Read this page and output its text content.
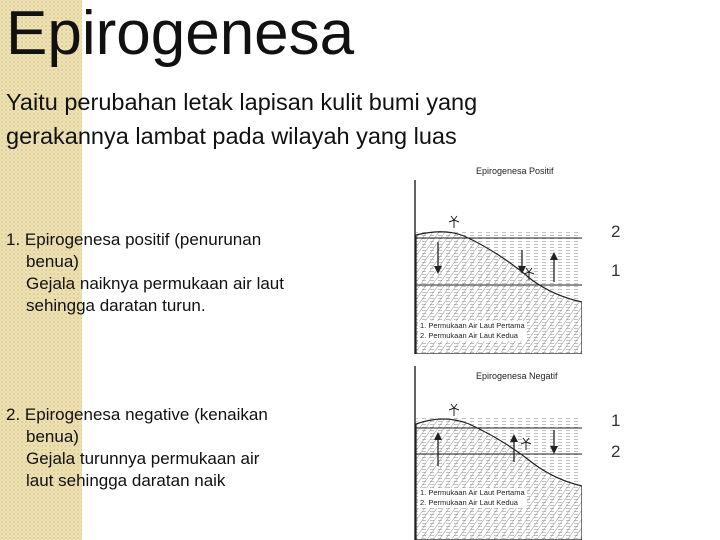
Epirogenesa
Yaitu perubahan letak lapisan kulit bumi yang gerakannya lambat pada wilayah yang luas
1. Epirogenesa positif (penurunan
benua)
Gejala naiknya permukaan air laut
sehingga daratan turun.
2. Epirogenesa negative (kenaikan
benua)
Gejala turunnya permukaan air
laut sehingga daratan naik
Epirogenesa Positif
2
1
1. Permukaan Air Laut Pertama
2. Permukaan Air Laut Kedua
Epirogenesa Negatif
1
2
1. Permukaan Air Laut Pertama
2. Permukaan Air Laut Kedua
